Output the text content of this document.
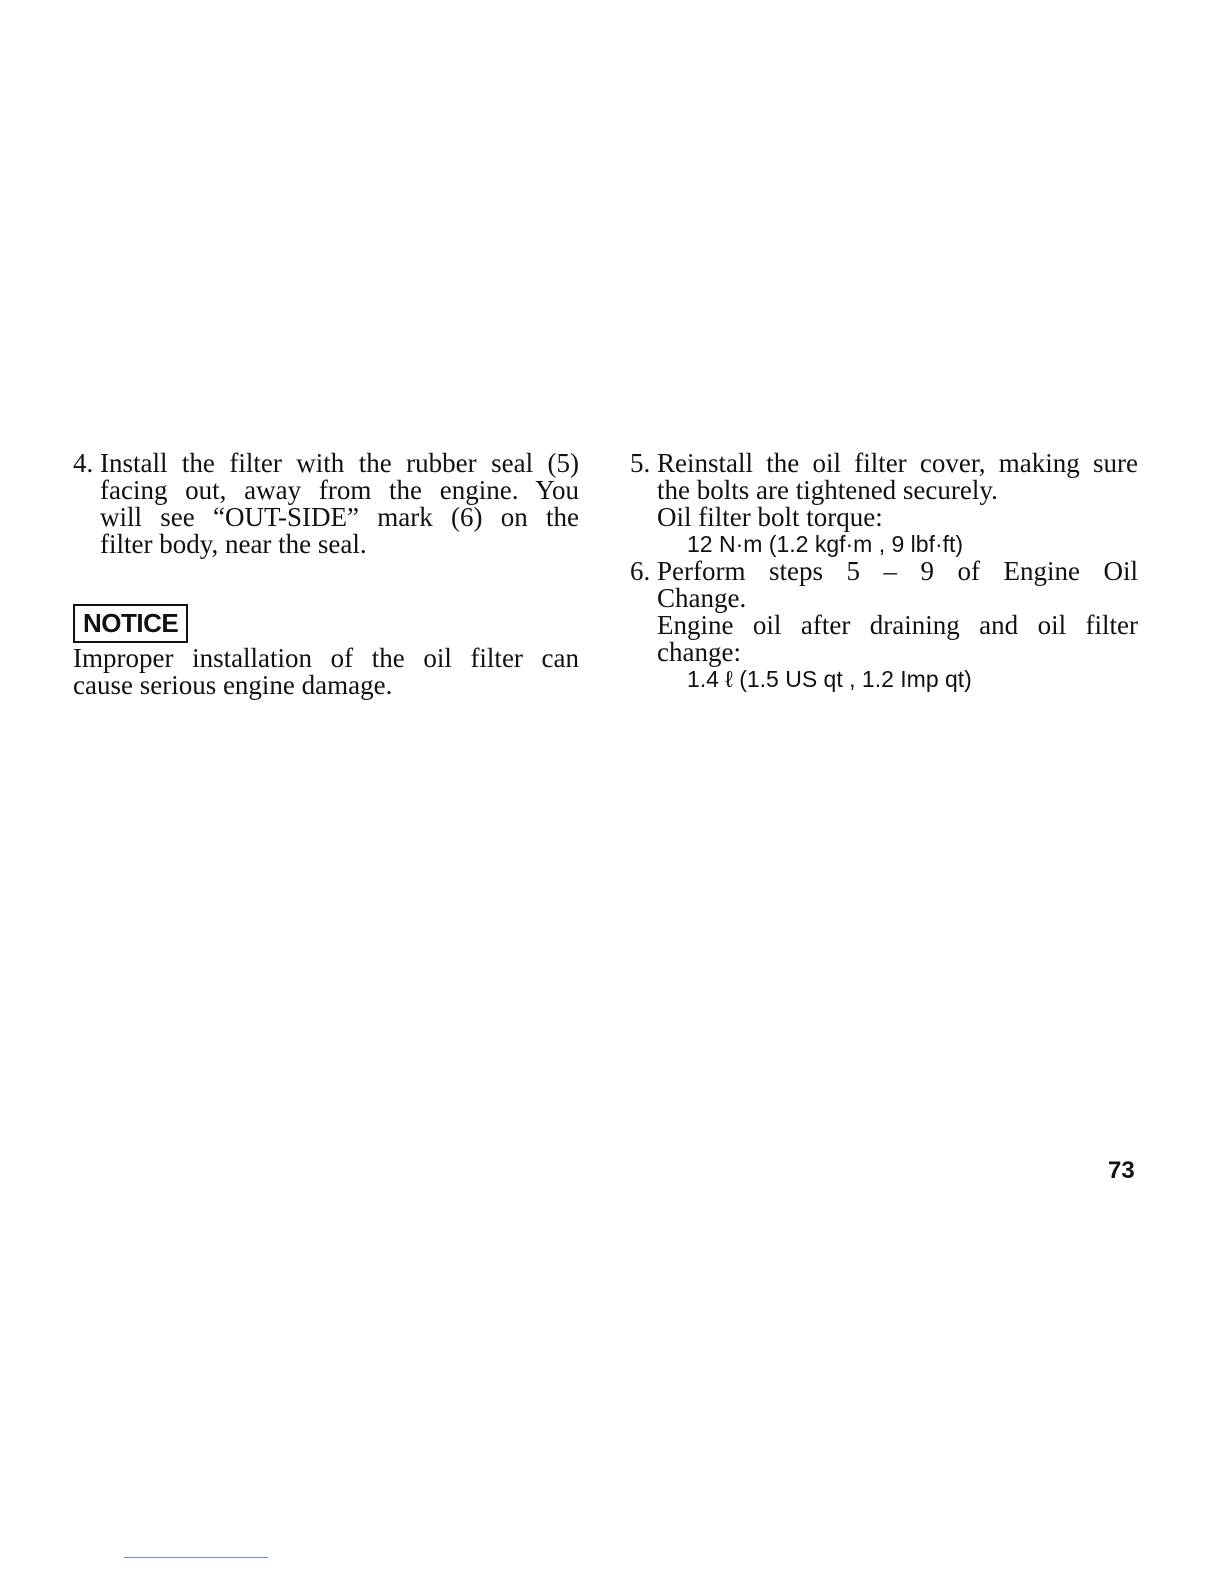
4. Install the filter with the rubber seal (5)
facing out, away from the engine. You
will see “OUT-SIDE” mark (6) on the
filter body, near the seal.
NOTICE
Improper installation of the oil filter can
cause serious engine damage.
5. Reinstall the oil filter cover, making sure
the bolts are tightened securely.
Oil filter bolt torque:
12 N·m (1.2 kgf·m , 9 lbf·ft)
6. Perform steps 5 – 9 of Engine Oil
Change.
Engine oil after draining and oil filter
change:
1.4 ℓ (1.5 US qt , 1.2 Imp qt)
73
